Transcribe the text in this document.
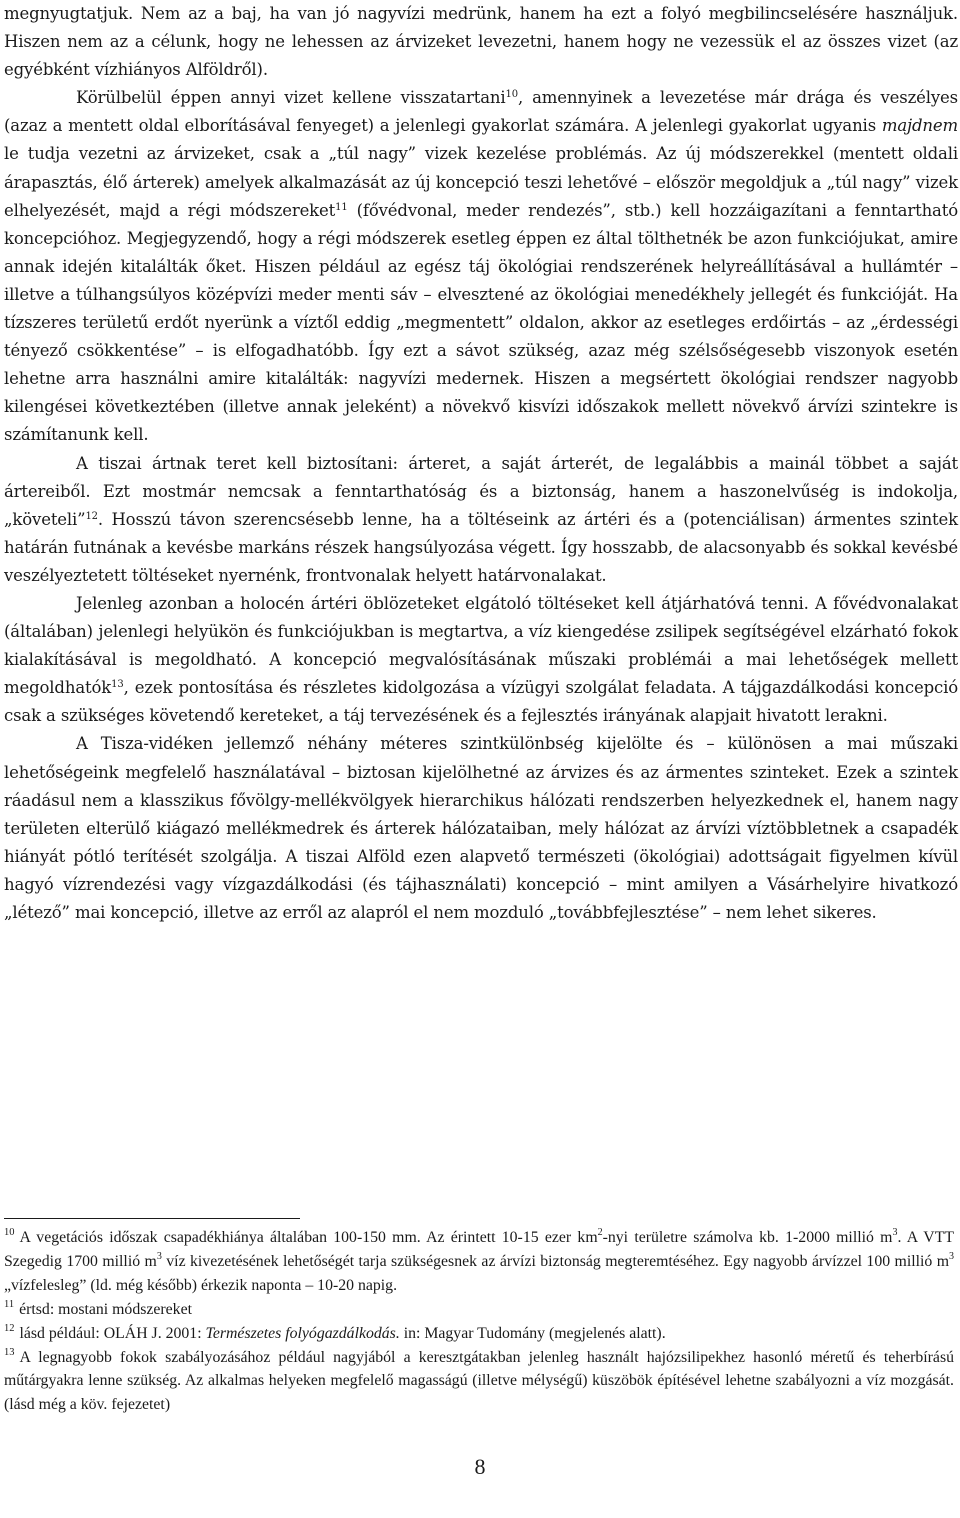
megnyugtatjuk. Nem az a baj, ha van jó nagyvízi medrünk, hanem ha ezt a folyó megbilincselésére használjuk. Hiszen nem az a célunk, hogy ne lehessen az árvizeket levezetni, hanem hogy ne vezessük el az összes vizet (az egyébként vízhiányos Alföldről).

Körülbelül éppen annyi vizet kellene visszatartani$^{10}$, amennyinek a levezetése már drága és veszélyes (azaz a mentett oldal elborításával fenyeget) a jelenlegi gyakorlat számára. A jelenlegi gyakorlat ugyanis majdnem le tudja vezetni az árvizeket, csak a „túl nagy” vizek kezelése problémás. Az új módszerekkel (mentett oldali árapasztás, élő árterek) amelyek alkalmazását az új koncepció teszi lehetővé – először megoldjuk a „túl nagy” vizek elhelyezését, majd a régi módszereket$^{11}$ (fővédvonal, meder rendezés”, stb.) kell hozzáigazítani a fenntartható koncepcióhoz. Megjegyzendő, hogy a régi módszerek esetleg éppen ez által tölthetnék be azon funkciójukat, amire annak idején kitalálták őket. Hiszen például az egész táj ökológiai rendszerének helyreállításával a hullámtér – illetve a túlhangsúlyos középvízi meder menti sáv – elvesztené az ökológiai menedékhely jellegét és funkcióját. Ha tízszeres területű erdőt nyerünk a víztől eddig „megmentett” oldalon, akkor az esetleges erdőirtás – az „érdességi tényező csökkentése” – is elfogadhatóbb. Így ezt a sávot szükség, azaz még szélsőségesebb viszonyok esetén lehetne arra használni amire kitalálták: nagyvízi medernek. Hiszen a megsértett ökológiai rendszer nagyobb kilengései következtében (illetve annak jeleként) a növekvő kisvízi időszakok mellett növekvő árvízi szintekre is számítanunk kell.

A tiszai ártnak teret kell biztosítani: árteret, a saját árterét, de legalábbis a mainál többet a saját ártereiből. Ezt mostmár nemcsak a fenntarthatóság és a biztonság, hanem a haszonelvűség is indokolja, „követeli”$^{12}$. Hosszú távon szerencsésebb lenne, ha a töltéseink az ártéri és a (potenciálisan) ármentes szintek határán futnának a kevésbe markáns részek hangsúlyozása végett. Így hosszabb, de alacsonyabb és sokkal kevésbé veszélyeztetett töltéseket nyernénk, frontvonalak helyett határvonalakat.

Jelenleg azonban a holocén ártéri öblözeteket elgátoló töltéseket kell átjárhatóvá tenni. A fővédvonalakat (általában) jelenlegi helyükön és funkciójukban is megtartva, a víz kiengedése zsilipek segítségével elzárható fokok kialakításával is megoldható. A koncepció megvalósításának műszaki problémái a mai lehetőségek mellett megoldhatók$^{13}$, ezek pontosítása és részletes kidolgozása a vízügyi szolgálat feladata. A tájgazdálkodási koncepció csak a szükséges követendő kereteket, a táj tervezésének és a fejlesztés irányának alapjait hivatott lerakni.

A Tisza-vidéken jellemző néhány méteres szintkülönbség kijelölte és – különösen a mai műszaki lehetőségeink megfelelő használatával – biztosan kijelölhetné az árvizes és az ármentes szinteket. Ezek a szintek ráadásul nem a klasszikus fővölgy-mellékvölgyek hierarchikus hálózati rendszerben helyezkednek el, hanem nagy területen elterülő kiágazó mellékmedrek és árterek hálózataiban, mely hálózat az árvízi víztöbbletnek a csapadék hiányát pótló terítését szolgálja. A tiszai Alföld ezen alapvető természeti (ökológiai) adottságait figyelmen kívül hagyó vízrendezési vagy vízgazdálkodási (és tájhasználati) koncepció – mint amilyen a Vásárhelyire hivatkozó „létező” mai koncepció, illetve az erről az alapról el nem mozduló „továbbfejlesztése” – nem lehet sikeres.

$^{10}$ A vegetációs időszak csapadékhiánya általában 100-150 mm. Az érintett 10-15 ezer $km^2$-nyi területre számolva kb. 1-2000 millió $m^3$. A VTT Szegedig 1700 millió $m^3$ víz kivezetésének lehetőségét tarja szükségesnek az árvízi biztonság megteremtéséhez. Egy nagyobb árvízzel 100 millió $m^3$ „vízfelesleg” (ld. még később) érkezik naponta – 10-20 napig.

$^{11}$ értsd: mostani módszereket

$^{12}$ lásd például: OLÁH J. 2001: Természetes folyógazdálkodás. in: Magyar Tudomány (megjelenés alatt).

$^{13}$ A legnagyobb fokok szabályozásához például nagyjából a keresztgátakban jelenleg használt hajózsilipekhez hasonló méretű és teherbírású műtárgyakra lenne szükség. Az alkalmas helyeken megfelelő magasságú (illetve mélységű) küszöbök építésével lehetne szabályozni a víz mozgását. (lásd még a köv. fejezetet)

8
